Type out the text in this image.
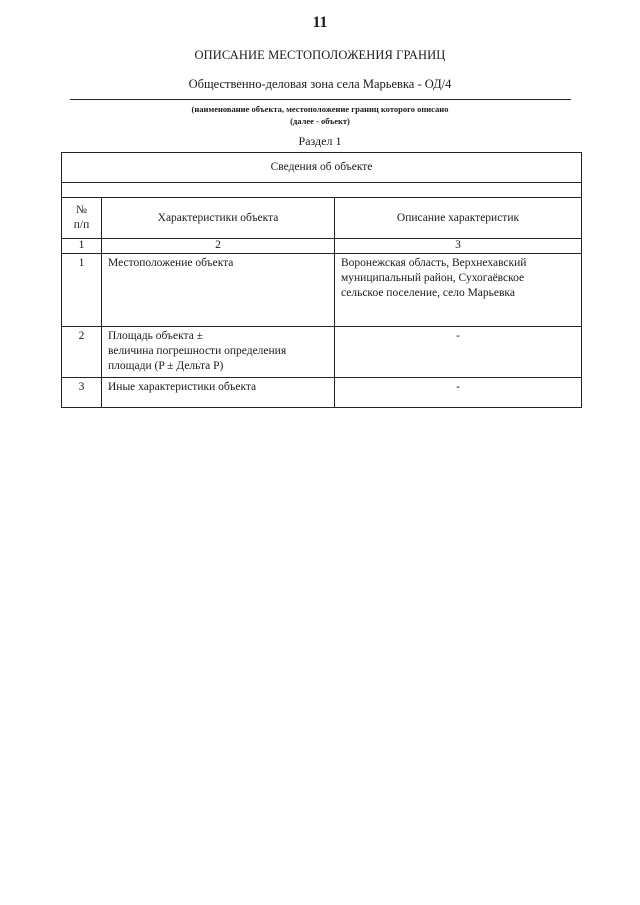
11
ОПИСАНИЕ МЕСТОПОЛОЖЕНИЯ ГРАНИЦ
Общественно-деловая зона села Марьевка - ОД/4
(наименование объекта, местоположение границ которого описано
(далее - объект)
Раздел 1
Сведения об объекте		

№
п/п	Характеристики объекта	Описание характеристик
1	2	3
1	Местоположение объекта	Воронежская область, Верхнехавский
муниципальный район, Сухогаёвское
сельское поселение, село Марьевка

2	Площадь объекта ±
величина погрешности определения
площади (P ± Дельта P)	-

3	Иные характеристики объекта	-
